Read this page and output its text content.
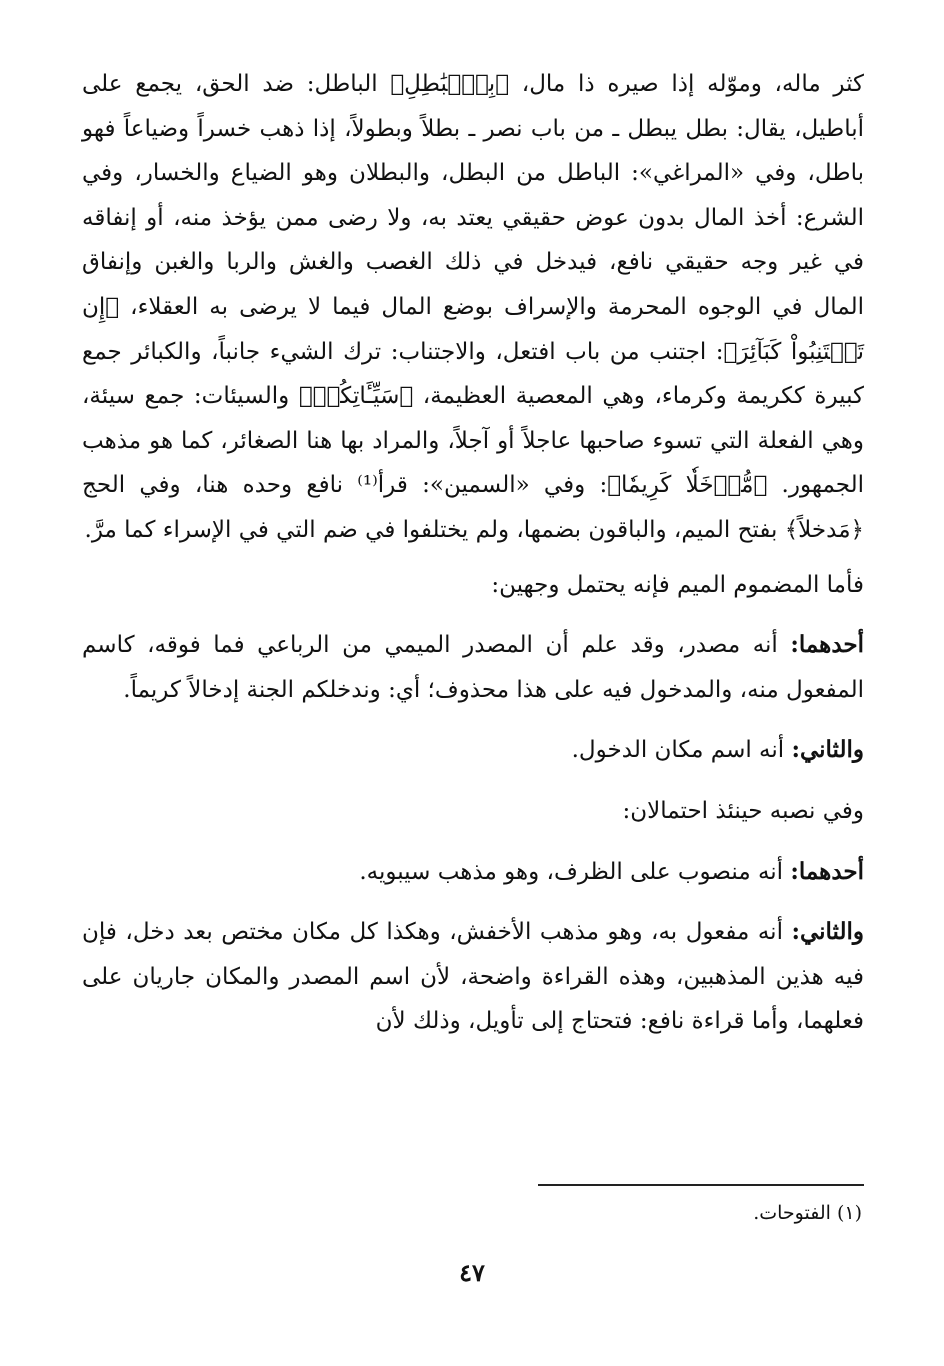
كثر ماله، وموّله إذا صيره ذا مال، ﴿بِٱلۡبَٰطِلِ﴾ الباطل: ضد الحق، يجمع على أباطيل، يقال: بطل يبطل ـ من باب نصر ـ بطلاً وبطولاً، إذا ذهب خسراً وضياعاً فهو باطل، وفي «المراغي»: الباطل من البطل، والبطلان وهو الضياع والخسار، وفي الشرع: أخذ المال بدون عوض حقيقي يعتد به، ولا رضى ممن يؤخذ منه، أو إنفاقه في غير وجه حقيقي نافع، فيدخل في ذلك الغصب والغش والربا والغبن وإنفاق المال في الوجوه المحرمة والإسراف بوضع المال فيما لا يرضى به العقلاء، ﴿إِن تَجۡتَنِبُواْ كَبَآئِرَ﴾: اجتنب من باب افتعل، والاجتناب: ترك الشيء جانباً، والكبائر جمع كبيرة ككريمة وكرماء، وهي المعصية العظيمة، ﴿سَيِّـَٔاتِكُمۡ﴾ والسيئات: جمع سيئة، وهي الفعلة التي تسوء صاحبها عاجلاً أو آجلاً، والمراد بها هنا الصغائر، كما هو مذهب الجمهور. ﴿مُّدۡخَلٗا كَرِيمٗا﴾: وفي «السمين»: قرأ⁽¹⁾ نافع وحده هنا، وفي الحج ﴿مَدخلاً﴾ بفتح الميم، والباقون بضمها، ولم يختلفوا في ضم التي في الإسراء كما مرَّ.

فأما المضموم الميم فإنه يحتمل وجهين:

أحدهما: أنه مصدر، وقد علم أن المصدر الميمي من الرباعي فما فوقه، كاسم المفعول منه، والمدخول فيه على هذا محذوف؛ أي: وندخلكم الجنة إدخالاً كريماً.

والثاني: أنه اسم مكان الدخول.

وفي نصبه حينئذ احتمالان:

أحدهما: أنه منصوب على الظرف، وهو مذهب سيبويه.

والثاني: أنه مفعول به، وهو مذهب الأخفش، وهكذا كل مكان مختص بعد دخل، فإن فيه هذين المذهبين، وهذه القراءة واضحة، لأن اسم المصدر والمكان جاريان على فعلهما، وأما قراءة نافع: فتحتاج إلى تأويل، وذلك لأن

(١) الفتوحات.
٤٧
